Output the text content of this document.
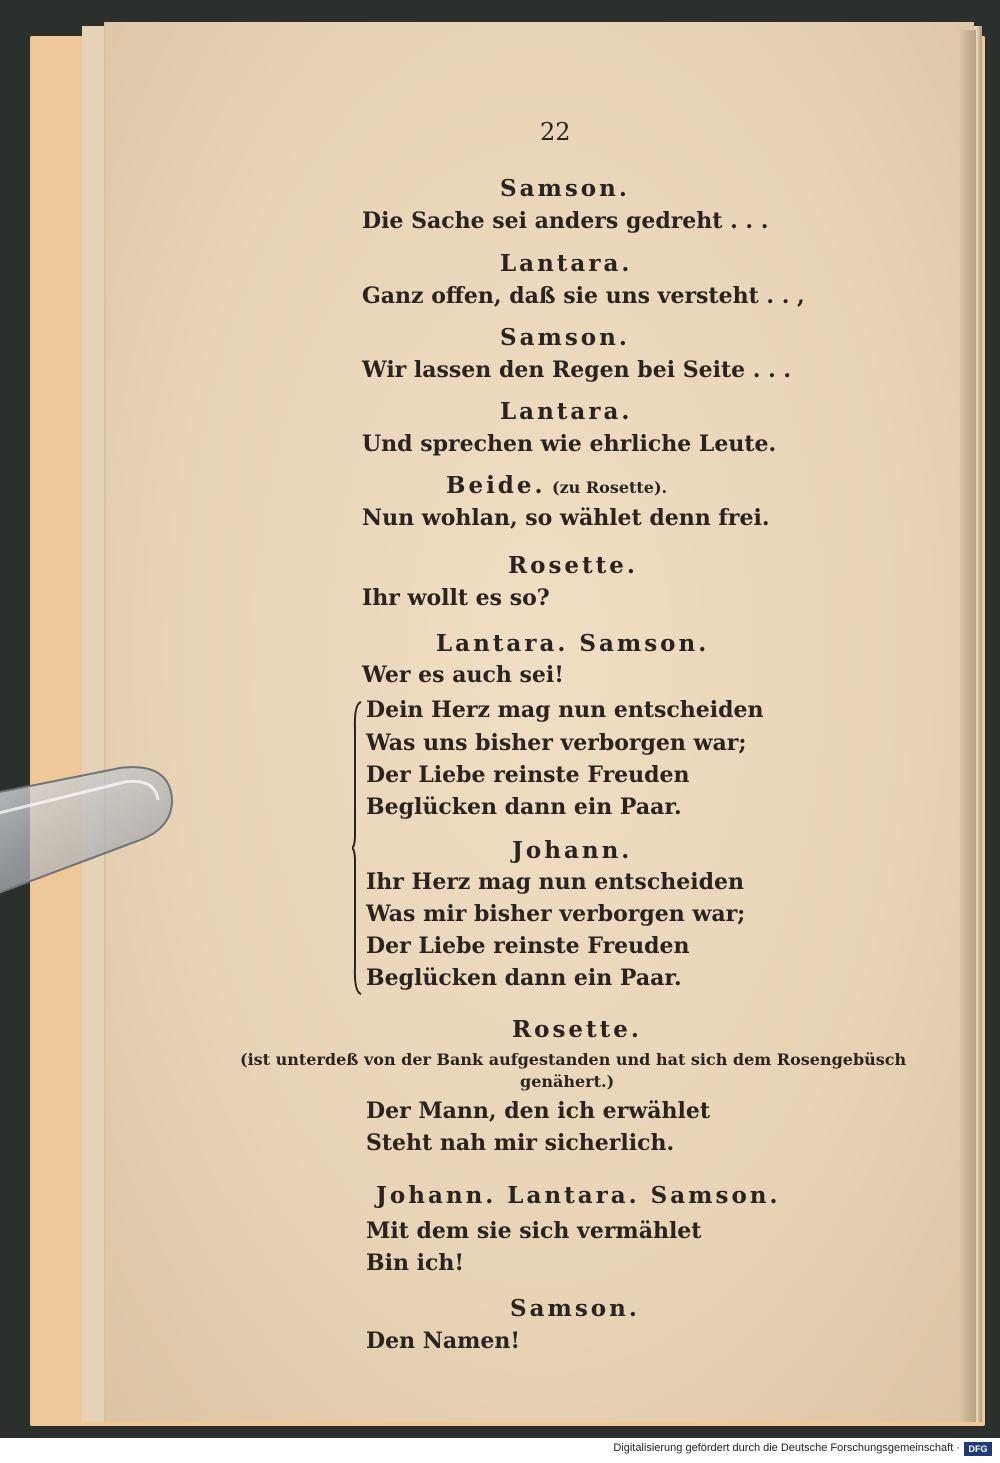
22
Samson.
Die Sache sei anders gedreht . . .
Lantara.
Ganz offen, daß sie uns versteht . . ,
Samson.
Wir lassen den Regen bei Seite . . .
Lantara.
Und sprechen wie ehrliche Leute.
Beide. (zu Rosette).
Nun wohlan, so wählet denn frei.
Rosette.
Ihr wollt es so?
Lantara. Samson.
Wer es auch sei!
Dein Herz mag nun entscheiden
Was uns bisher verborgen war;
Der Liebe reinste Freuden
Beglücken dann ein Paar.
Johann.
Ihr Herz mag nun entscheiden
Was mir bisher verborgen war;
Der Liebe reinste Freuden
Beglücken dann ein Paar.
Rosette.
(ist unterdeß von der Bank aufgestanden und hat sich dem Rosengebüsch
genähert.)
Der Mann, den ich erwählet
Steht nah mir sicherlich.
Johann. Lantara. Samson.
Mit dem sie sich vermählet
Bin ich!
Samson.
Den Namen!
Digitalisierung gefördert durch die Deutsche Forschungsgemeinschaft · DFG
